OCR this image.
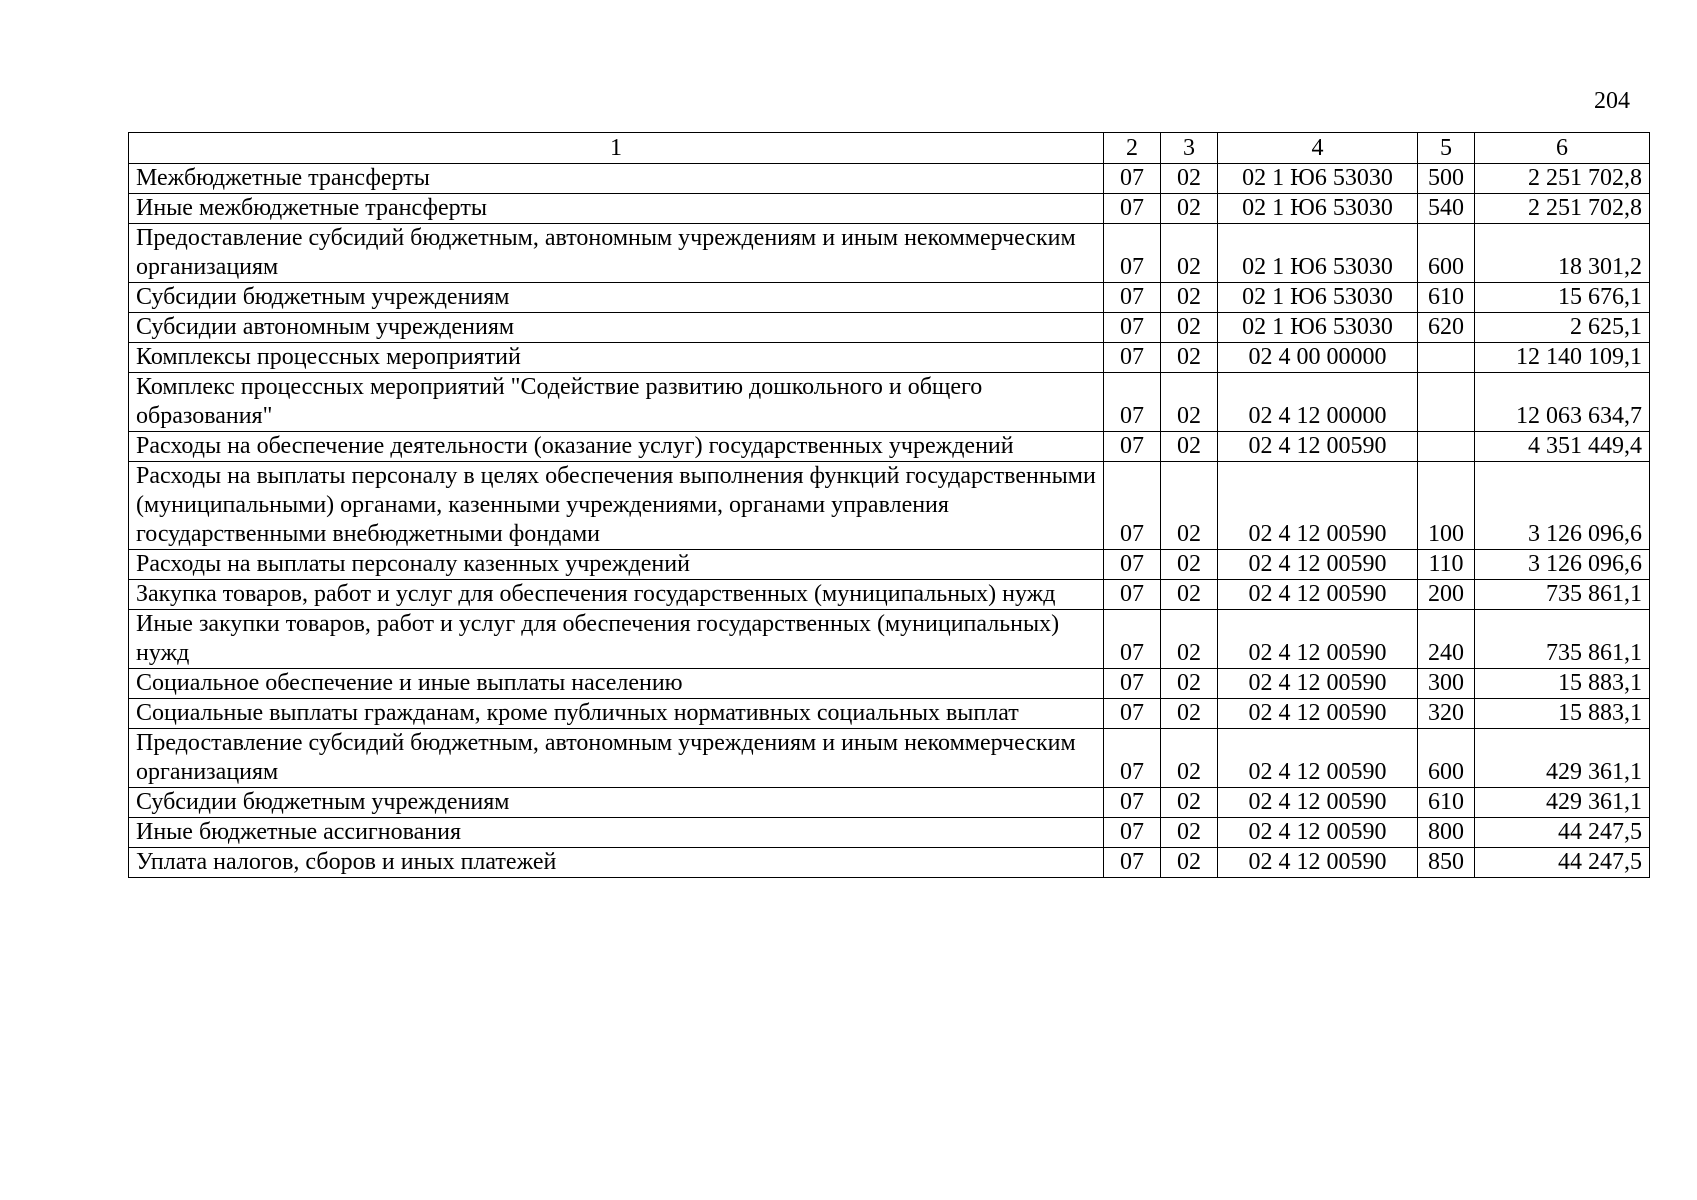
204
1	2	3	4	5	6
Межбюджетные трансферты	07	02	02 1 Ю6 53030	500	2 251 702,8
Иные межбюджетные трансферты	07	02	02 1 Ю6 53030	540	2 251 702,8
Предоставление субсидий бюджетным, автономным учреждениям и иным некоммерческим организациям	07	02	02 1 Ю6 53030	600	18 301,2
Субсидии бюджетным учреждениям	07	02	02 1 Ю6 53030	610	15 676,1
Субсидии автономным учреждениям	07	02	02 1 Ю6 53030	620	2 625,1
Комплексы процессных мероприятий	07	02	02 4 00 00000		12 140 109,1
Комплекс процессных мероприятий "Содействие развитию дошкольного и общего образования"	07	02	02 4 12 00000		12 063 634,7
Расходы на обеспечение деятельности (оказание услуг) государственных учреждений	07	02	02 4 12 00590		4 351 449,4
Расходы на выплаты персоналу в целях обеспечения выполнения функций государственными (муниципальными) органами, казенными учреждениями, органами управления государственными внебюджетными фондами	07	02	02 4 12 00590	100	3 126 096,6
Расходы на выплаты персоналу казенных учреждений	07	02	02 4 12 00590	110	3 126 096,6
Закупка товаров, работ и услуг для обеспечения государственных (муниципальных) нужд	07	02	02 4 12 00590	200	735 861,1
Иные закупки товаров, работ и услуг для обеспечения государственных (муниципальных) нужд	07	02	02 4 12 00590	240	735 861,1
Социальное обеспечение и иные выплаты населению	07	02	02 4 12 00590	300	15 883,1
Социальные выплаты гражданам, кроме публичных нормативных социальных выплат	07	02	02 4 12 00590	320	15 883,1
Предоставление субсидий бюджетным, автономным учреждениям и иным некоммерческим организациям	07	02	02 4 12 00590	600	429 361,1
Субсидии бюджетным учреждениям	07	02	02 4 12 00590	610	429 361,1
Иные бюджетные ассигнования	07	02	02 4 12 00590	800	44 247,5
Уплата налогов, сборов и иных платежей	07	02	02 4 12 00590	850	44 247,5
